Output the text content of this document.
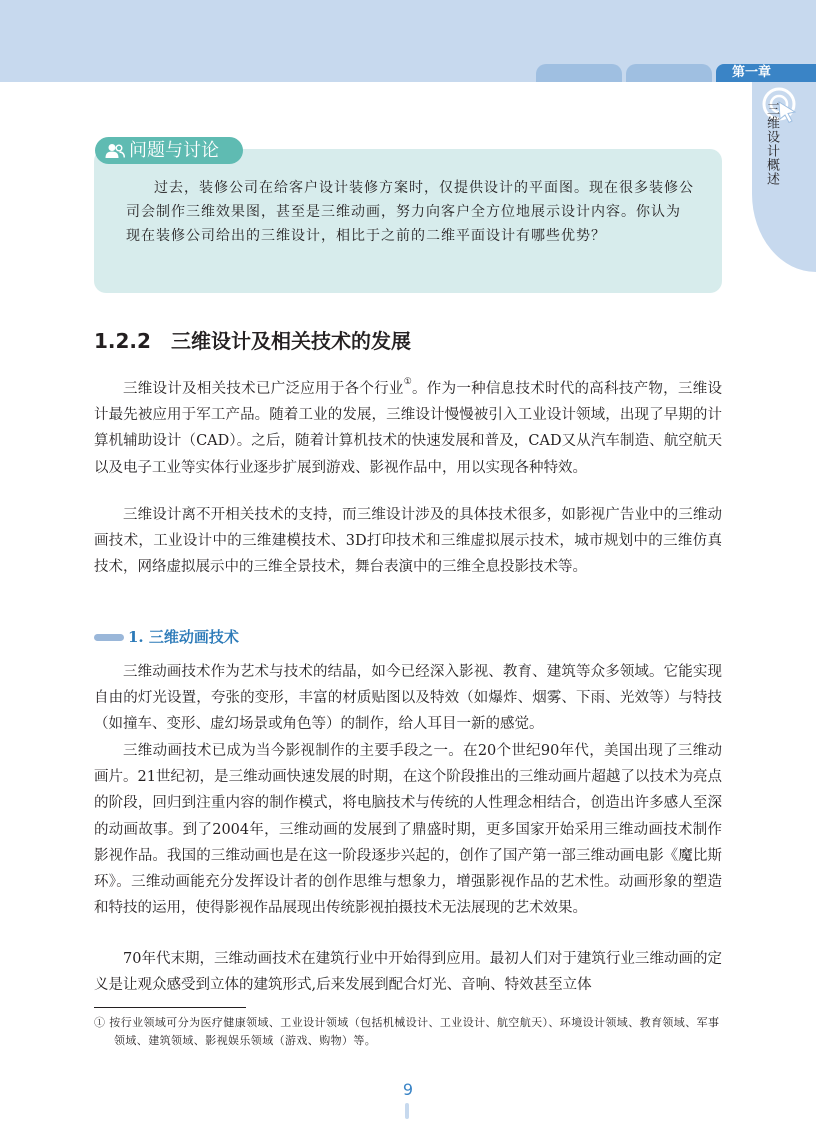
第一章
三维设计概述
问题与讨论

过去，装修公司在给客户设计装修方案时，仅提供设计的平面图。现在很多装修公司会制作三维效果图，甚至是三维动画，努力向客户全方位地展示设计内容。你认为现在装修公司给出的三维设计，相比于之前的二维平面设计有哪些优势？

1.2.2 三维设计及相关技术的发展

三维设计及相关技术已广泛应用于各个行业①。作为一种信息技术时代的高科技产物，三维设计最先被应用于军工产品。随着工业的发展，三维设计慢慢被引入工业设计领域，出现了早期的计算机辅助设计（CAD）。之后，随着计算机技术的快速发展和普及，CAD又从汽车制造、航空航天以及电子工业等实体行业逐步扩展到游戏、影视作品中，用以实现各种特效。

三维设计离不开相关技术的支持，而三维设计涉及的具体技术很多，如影视广告业中的三维动画技术，工业设计中的三维建模技术、3D打印技术和三维虚拟展示技术，城市规划中的三维仿真技术，网络虚拟展示中的三维全景技术，舞台表演中的三维全息投影技术等。

1. 三维动画技术

三维动画技术作为艺术与技术的结晶，如今已经深入影视、教育、建筑等众多领域。它能实现自由的灯光设置，夸张的变形，丰富的材质贴图以及特效（如爆炸、烟雾、下雨、光效等）与特技（如撞车、变形、虚幻场景或角色等）的制作，给人耳目一新的感觉。

三维动画技术已成为当今影视制作的主要手段之一。在20个世纪90年代，美国出现了三维动画片。21世纪初，是三维动画快速发展的时期，在这个阶段推出的三维动画片超越了以技术为亮点的阶段，回归到注重内容的制作模式，将电脑技术与传统的人性理念相结合，创造出许多感人至深的动画故事。到了2004年，三维动画的发展到了鼎盛时期，更多国家开始采用三维动画技术制作影视作品。我国的三维动画也是在这一阶段逐步兴起的，创作了国产第一部三维动画电影《魔比斯环》。三维动画能充分发挥设计者的创作思维与想象力，增强影视作品的艺术性。动画形象的塑造和特技的运用，使得影视作品展现出传统影视拍摄技术无法展现的艺术效果。

70年代末期，三维动画技术在建筑行业中开始得到应用。最初人们对于建筑行业三维动画的定义是让观众感受到立体的建筑形式,后来发展到配合灯光、音响、特效甚至立体

① 按行业领域可分为医疗健康领域、工业设计领域（包括机械设计、工业设计、航空航天）、环境设计领域、教育领域、军事领域、建筑领域、影视娱乐领域（游戏、购物）等。

9
